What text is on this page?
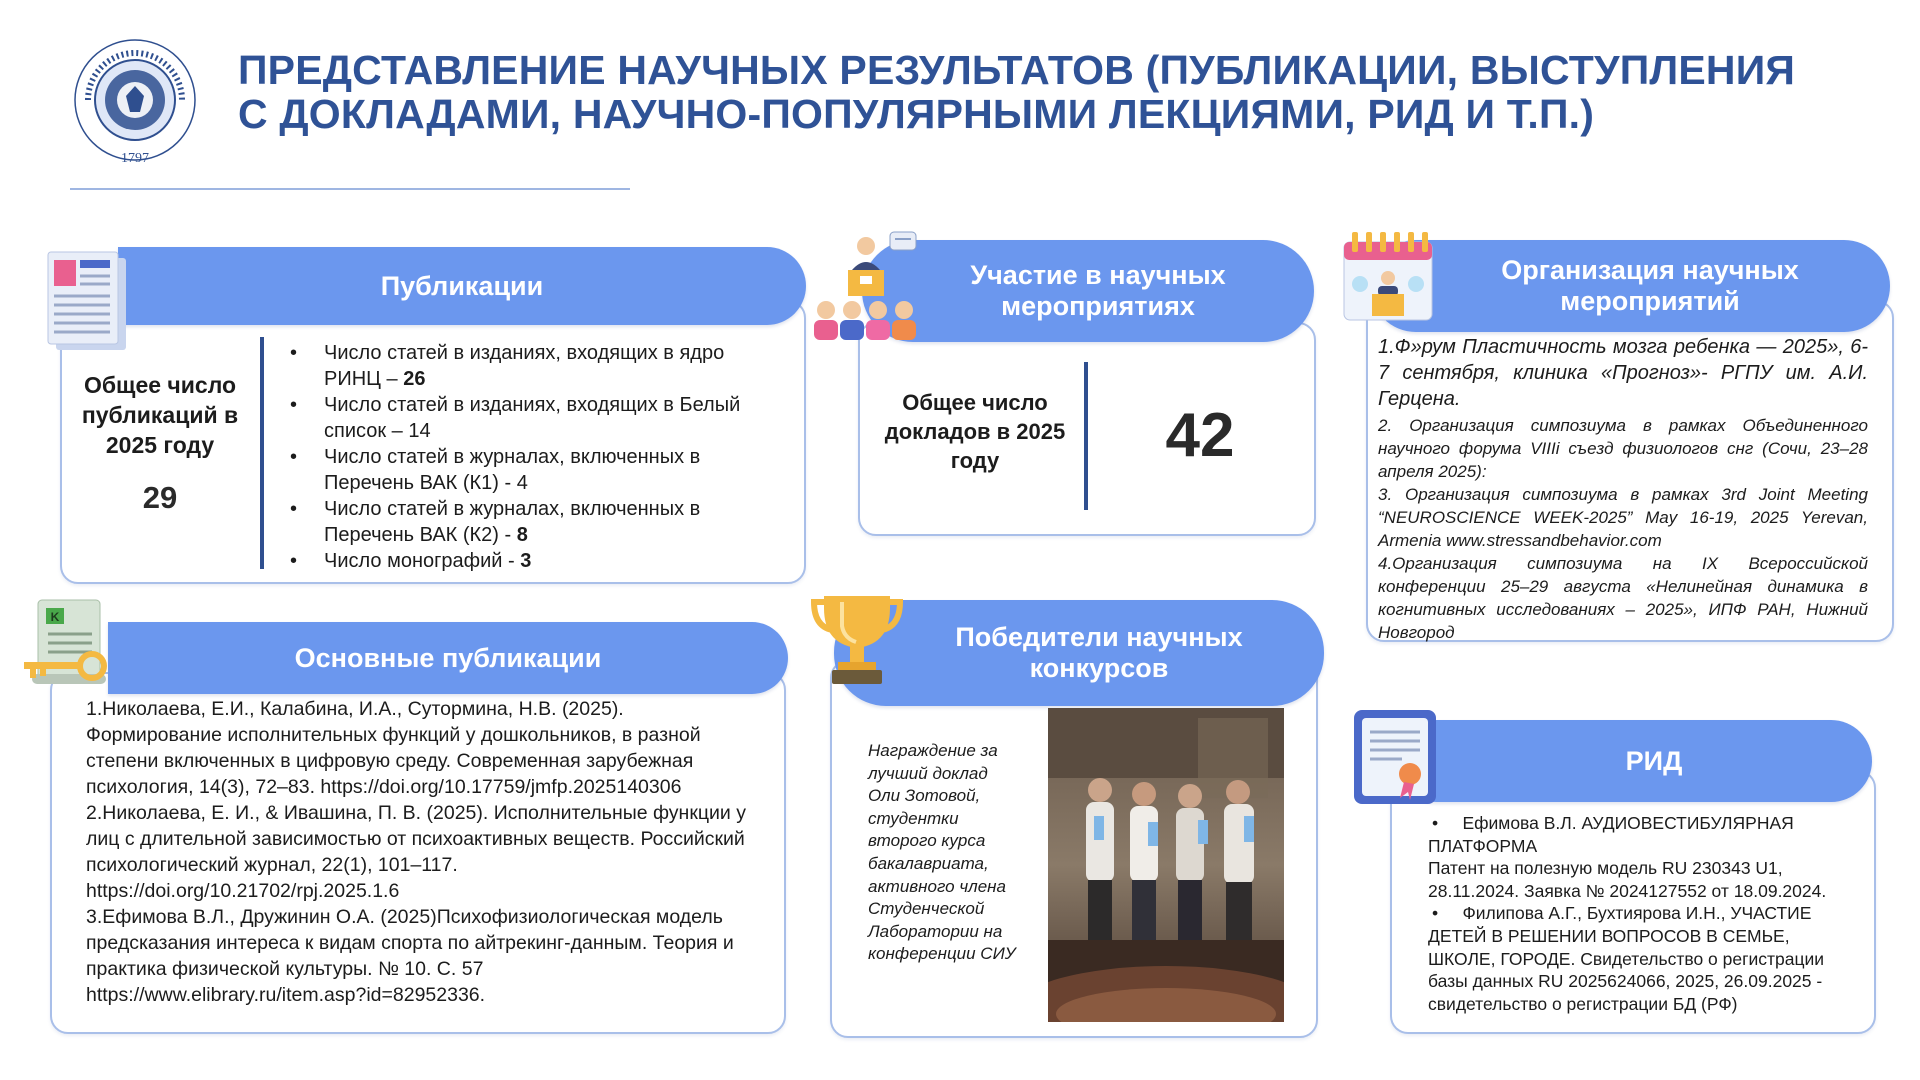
1797
ПРЕДСТАВЛЕНИЕ НАУЧНЫХ РЕЗУЛЬТАТОВ (ПУБЛИКАЦИИ, ВЫСТУПЛЕНИЯ
С ДОКЛАДАМИ, НАУЧНО-ПОПУЛЯРНЫМИ ЛЕКЦИЯМИ, РИД И Т.П.)
Публикации
Общее число публикаций в 2025 году
29
• Число статей в изданиях, входящих в ядро РИНЦ – 26
• Число статей в изданиях, входящих в Белый список – 14
• Число статей в журналах, включенных в Перечень ВАК (К1) - 4
• Число статей в журналах, включенных в Перечень ВАК (К2) - 8
• Число монографий - 3
Участие в научных мероприятиях
Общее число докладов в 2025 году	42
Организация научных мероприятий
1.Ф»рум Пластичность мозга ребенка — 2025», 6-7 сентября, клиника «Прогноз»- РГПУ им. А.И. Герцена.
2. Организация симпозиума в рамках Объединенного научного форума VIIIi съезд физиологов снг (Сочи, 23–28 апреля 2025):
3. Организация симпозиума в рамках 3rd Joint Meeting “NEUROSCIENCE WEEK-2025” May 16-19, 2025 Yerevan, Armenia www.stressandbehavior.com
4.Организация симпозиума на IX Всероссийской конференции 25–29 августа «Нелинейная динамика в когнитивных исследованиях – 2025», ИПФ РАН, Нижний Новгород
Основные публикации
K
1.Николаева, Е.И., Калабина, И.А., Сутормина, Н.В. (2025). Формирование исполнительных функций у дошкольников, в разной степени включенных в цифровую среду. Современная зарубежная психология, 14(3), 72–83. https://doi.org/10.17759/jmfp.2025140306
2.Николаева, Е. И., & Ивашина, П. В. (2025). Исполнительные функции у лиц с длительной зависимостью от психоактивных веществ. Российский психологический журнал, 22(1), 101–117. https://doi.org/10.21702/rpj.2025.1.6
3.Ефимова В.Л., Дружинин О.А. (2025)Психофизиологическая модель предсказания интереса к видам спорта по айтрекинг-данным. Теория и практика физической культуры. № 10. С. 57 https://www.elibrary.ru/item.asp?id=82952336.
Победители научных конкурсов
Награждение за лучший доклад Оли Зотовой, студентки второго курса бакалавриата, активного члена Студенческой Лаборатории на конференции СИУ
РИД
•     Ефимова В.Л. АУДИОВЕСТИБУЛЯРНАЯ ПЛАТФОРМА
Патент на полезную модель RU 230343 U1, 28.11.2024. Заявка № 2024127552 от 18.09.2024.
•     Филипова А.Г., Бухтиярова И.Н., УЧАСТИЕ ДЕТЕЙ В РЕШЕНИИ ВОПРОСОВ В СЕМЬЕ, ШКОЛЕ, ГОРОДЕ. Свидетельство о регистрации базы данных RU 2025624066, 2025, 26.09.2025 - свидетельство о регистрации БД (РФ)
